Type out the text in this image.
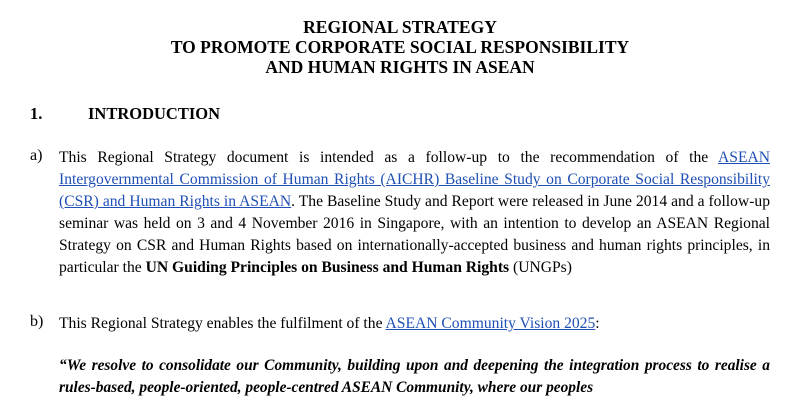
REGIONAL STRATEGY
TO PROMOTE CORPORATE SOCIAL RESPONSIBILITY
AND HUMAN RIGHTS IN ASEAN
1.	INTRODUCTION
a) This Regional Strategy document is intended as a follow-up to the recommendation of the ASEAN Intergovernmental Commission of Human Rights (AICHR) Baseline Study on Corporate Social Responsibility (CSR) and Human Rights in ASEAN. The Baseline Study and Report were released in June 2014 and a follow-up seminar was held on 3 and 4 November 2016 in Singapore, with an intention to develop an ASEAN Regional Strategy on CSR and Human Rights based on internationally-accepted business and human rights principles, in particular the UN Guiding Principles on Business and Human Rights (UNGPs)
b) This Regional Strategy enables the fulfilment of the ASEAN Community Vision 2025:
“We resolve to consolidate our Community, building upon and deepening the integration process to realise a rules-based, people-oriented, people-centred ASEAN Community, where our peoples
